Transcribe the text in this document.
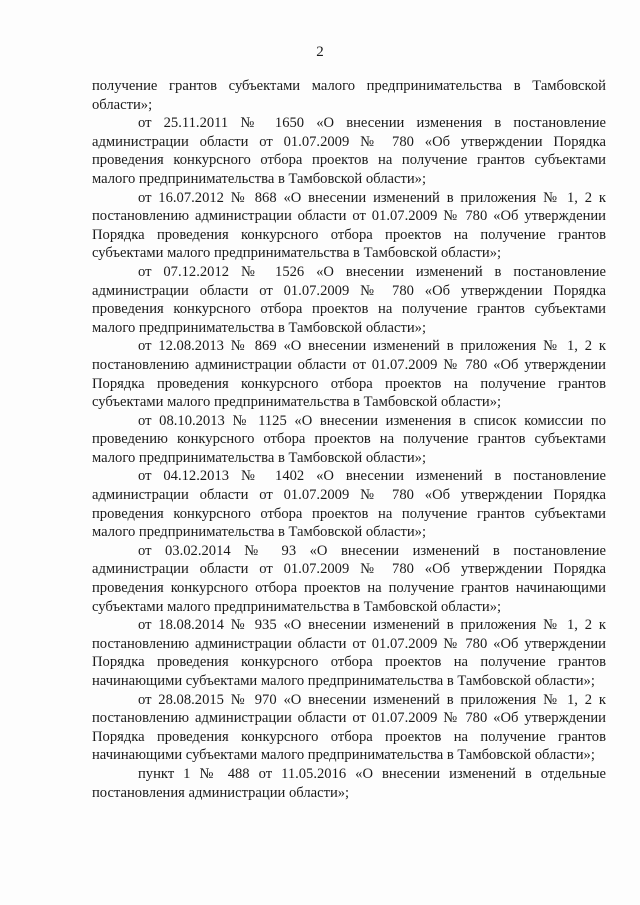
2

получение грантов субъектами малого предпринимательства в Тамбовской области»;

от 25.11.2011 № 1650 «О внесении изменения в постановление администрации области от 01.07.2009 № 780 «Об утверждении Порядка проведения конкурсного отбора проектов на получение грантов субъектами малого предпринимательства в Тамбовской области»;

от 16.07.2012 № 868 «О внесении изменений в приложения № 1, 2 к постановлению администрации области от 01.07.2009 № 780 «Об утверждении Порядка проведения конкурсного отбора проектов на получение грантов субъектами малого предпринимательства в Тамбовской области»;

от 07.12.2012 № 1526 «О внесении изменений в постановление администрации области от 01.07.2009 № 780 «Об утверждении Порядка проведения конкурсного отбора проектов на получение грантов субъектами малого предпринимательства в Тамбовской области»;

от 12.08.2013 № 869 «О внесении изменений в приложения № 1, 2 к постановлению администрации области от 01.07.2009 № 780 «Об утверждении Порядка проведения конкурсного отбора проектов на получение грантов субъектами малого предпринимательства в Тамбовской области»;

от 08.10.2013 № 1125 «О внесении изменения в список комиссии по проведению конкурсного отбора проектов на получение грантов субъектами малого предпринимательства в Тамбовской области»;

от 04.12.2013 № 1402 «О внесении изменений в постановление администрации области от 01.07.2009 № 780 «Об утверждении Порядка проведения конкурсного отбора проектов на получение грантов субъектами малого предпринимательства в Тамбовской области»;

от 03.02.2014 № 93 «О внесении изменений в постановление администрации области от 01.07.2009 № 780 «Об утверждении Порядка проведения конкурсного отбора проектов на получение грантов начинающими субъектами малого предпринимательства в Тамбовской области»;

от 18.08.2014 № 935 «О внесении изменений в приложения № 1, 2 к постановлению администрации области от 01.07.2009 № 780 «Об утверждении Порядка проведения конкурсного отбора проектов на получение грантов начинающими субъектами малого предпринимательства в Тамбовской области»;

от 28.08.2015 № 970 «О внесении изменений в приложения № 1, 2 к постановлению администрации области от 01.07.2009 № 780 «Об утверждении Порядка проведения конкурсного отбора проектов на получение грантов начинающими субъектами малого предпринимательства в Тамбовской области»;

пункт 1 № 488 от 11.05.2016 «О внесении изменений в отдельные постановления администрации области»;
